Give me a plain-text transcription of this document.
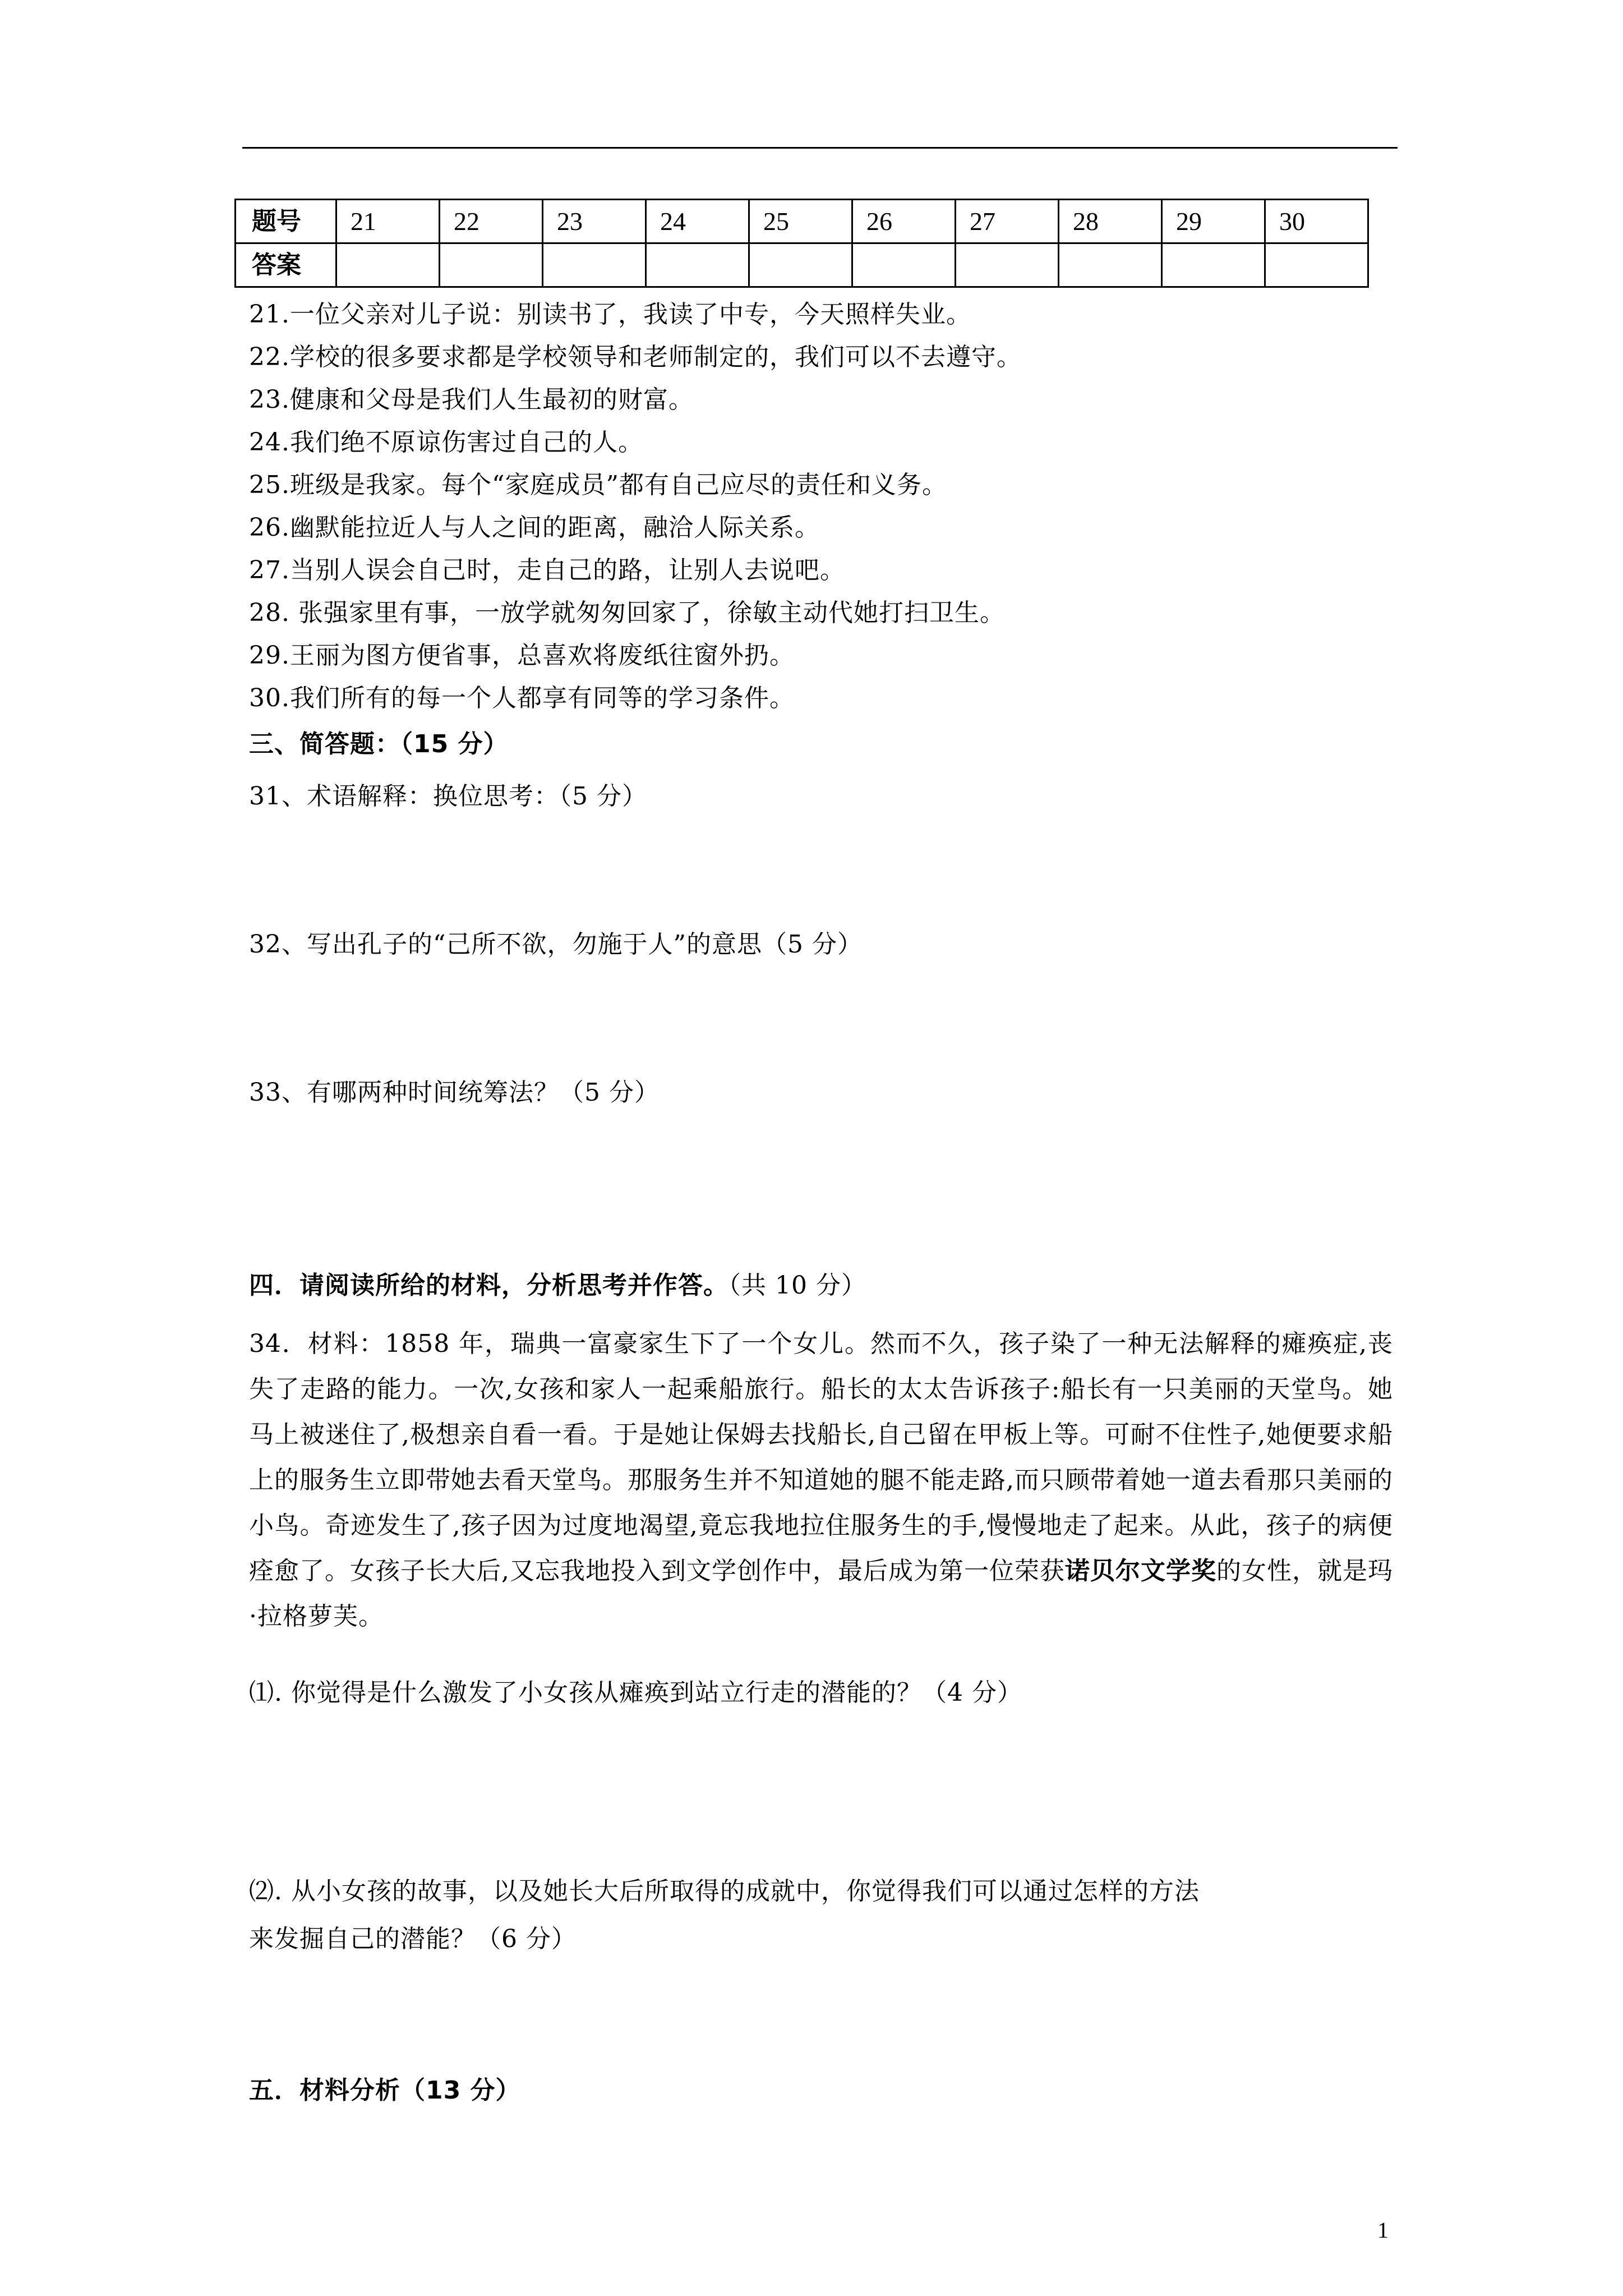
题号	21	22	23	24	25	26	27	28	29	30
答案										
21.一位父亲对儿子说：别读书了，我读了中专，今天照样失业。
22.学校的很多要求都是学校领导和老师制定的，我们可以不去遵守。
23.健康和父母是我们人生最初的财富。
24.我们绝不原谅伤害过自己的人。
25.班级是我家。每个“家庭成员”都有自己应尽的责任和义务。
26.幽默能拉近人与人之间的距离，融洽人际关系。
27.当别人误会自己时，走自己的路，让别人去说吧。
28. 张强家里有事，一放学就匆匆回家了，徐敏主动代她打扫卫生。
29.王丽为图方便省事，总喜欢将废纸往窗外扔。
30.我们所有的每一个人都享有同等的学习条件。
三、简答题：（15 分）
31、术语解释：换位思考：（5 分）
32、写出孔子的“己所不欲，勿施于人”的意思（5 分）
33、有哪两种时间统筹法？（5 分）
四．请阅读所给的材料，分析思考并作答。（共 10 分）
34．材料：1858 年，瑞典一富豪家生下了一个女儿。然而不久，孩子染了一种无法解释的瘫痪症,丧失了走路的能力。一次,女孩和家人一起乘船旅行。船长的太太告诉孩子:船长有一只美丽的天堂鸟。她马上被迷住了,极想亲自看一看。于是她让保姆去找船长,自己留在甲板上等。可耐不住性子,她便要求船上的服务生立即带她去看天堂鸟。那服务生并不知道她的腿不能走路,而只顾带着她一道去看那只美丽的小鸟。奇迹发生了,孩子因为过度地渴望,竟忘我地拉住服务生的手,慢慢地走了起来。从此，孩子的病便痊愈了。女孩子长大后,又忘我地投入到文学创作中，最后成为第一位荣获诺贝尔文学奖的女性，就是玛·拉格萝芙。
⑴. 你觉得是什么激发了小女孩从瘫痪到站立行走的潜能的？（4 分）
⑵. 从小女孩的故事，以及她长大后所取得的成就中，你觉得我们可以通过怎样的方法
来发掘自己的潜能？（6 分）
五．材料分析（13 分）
1
